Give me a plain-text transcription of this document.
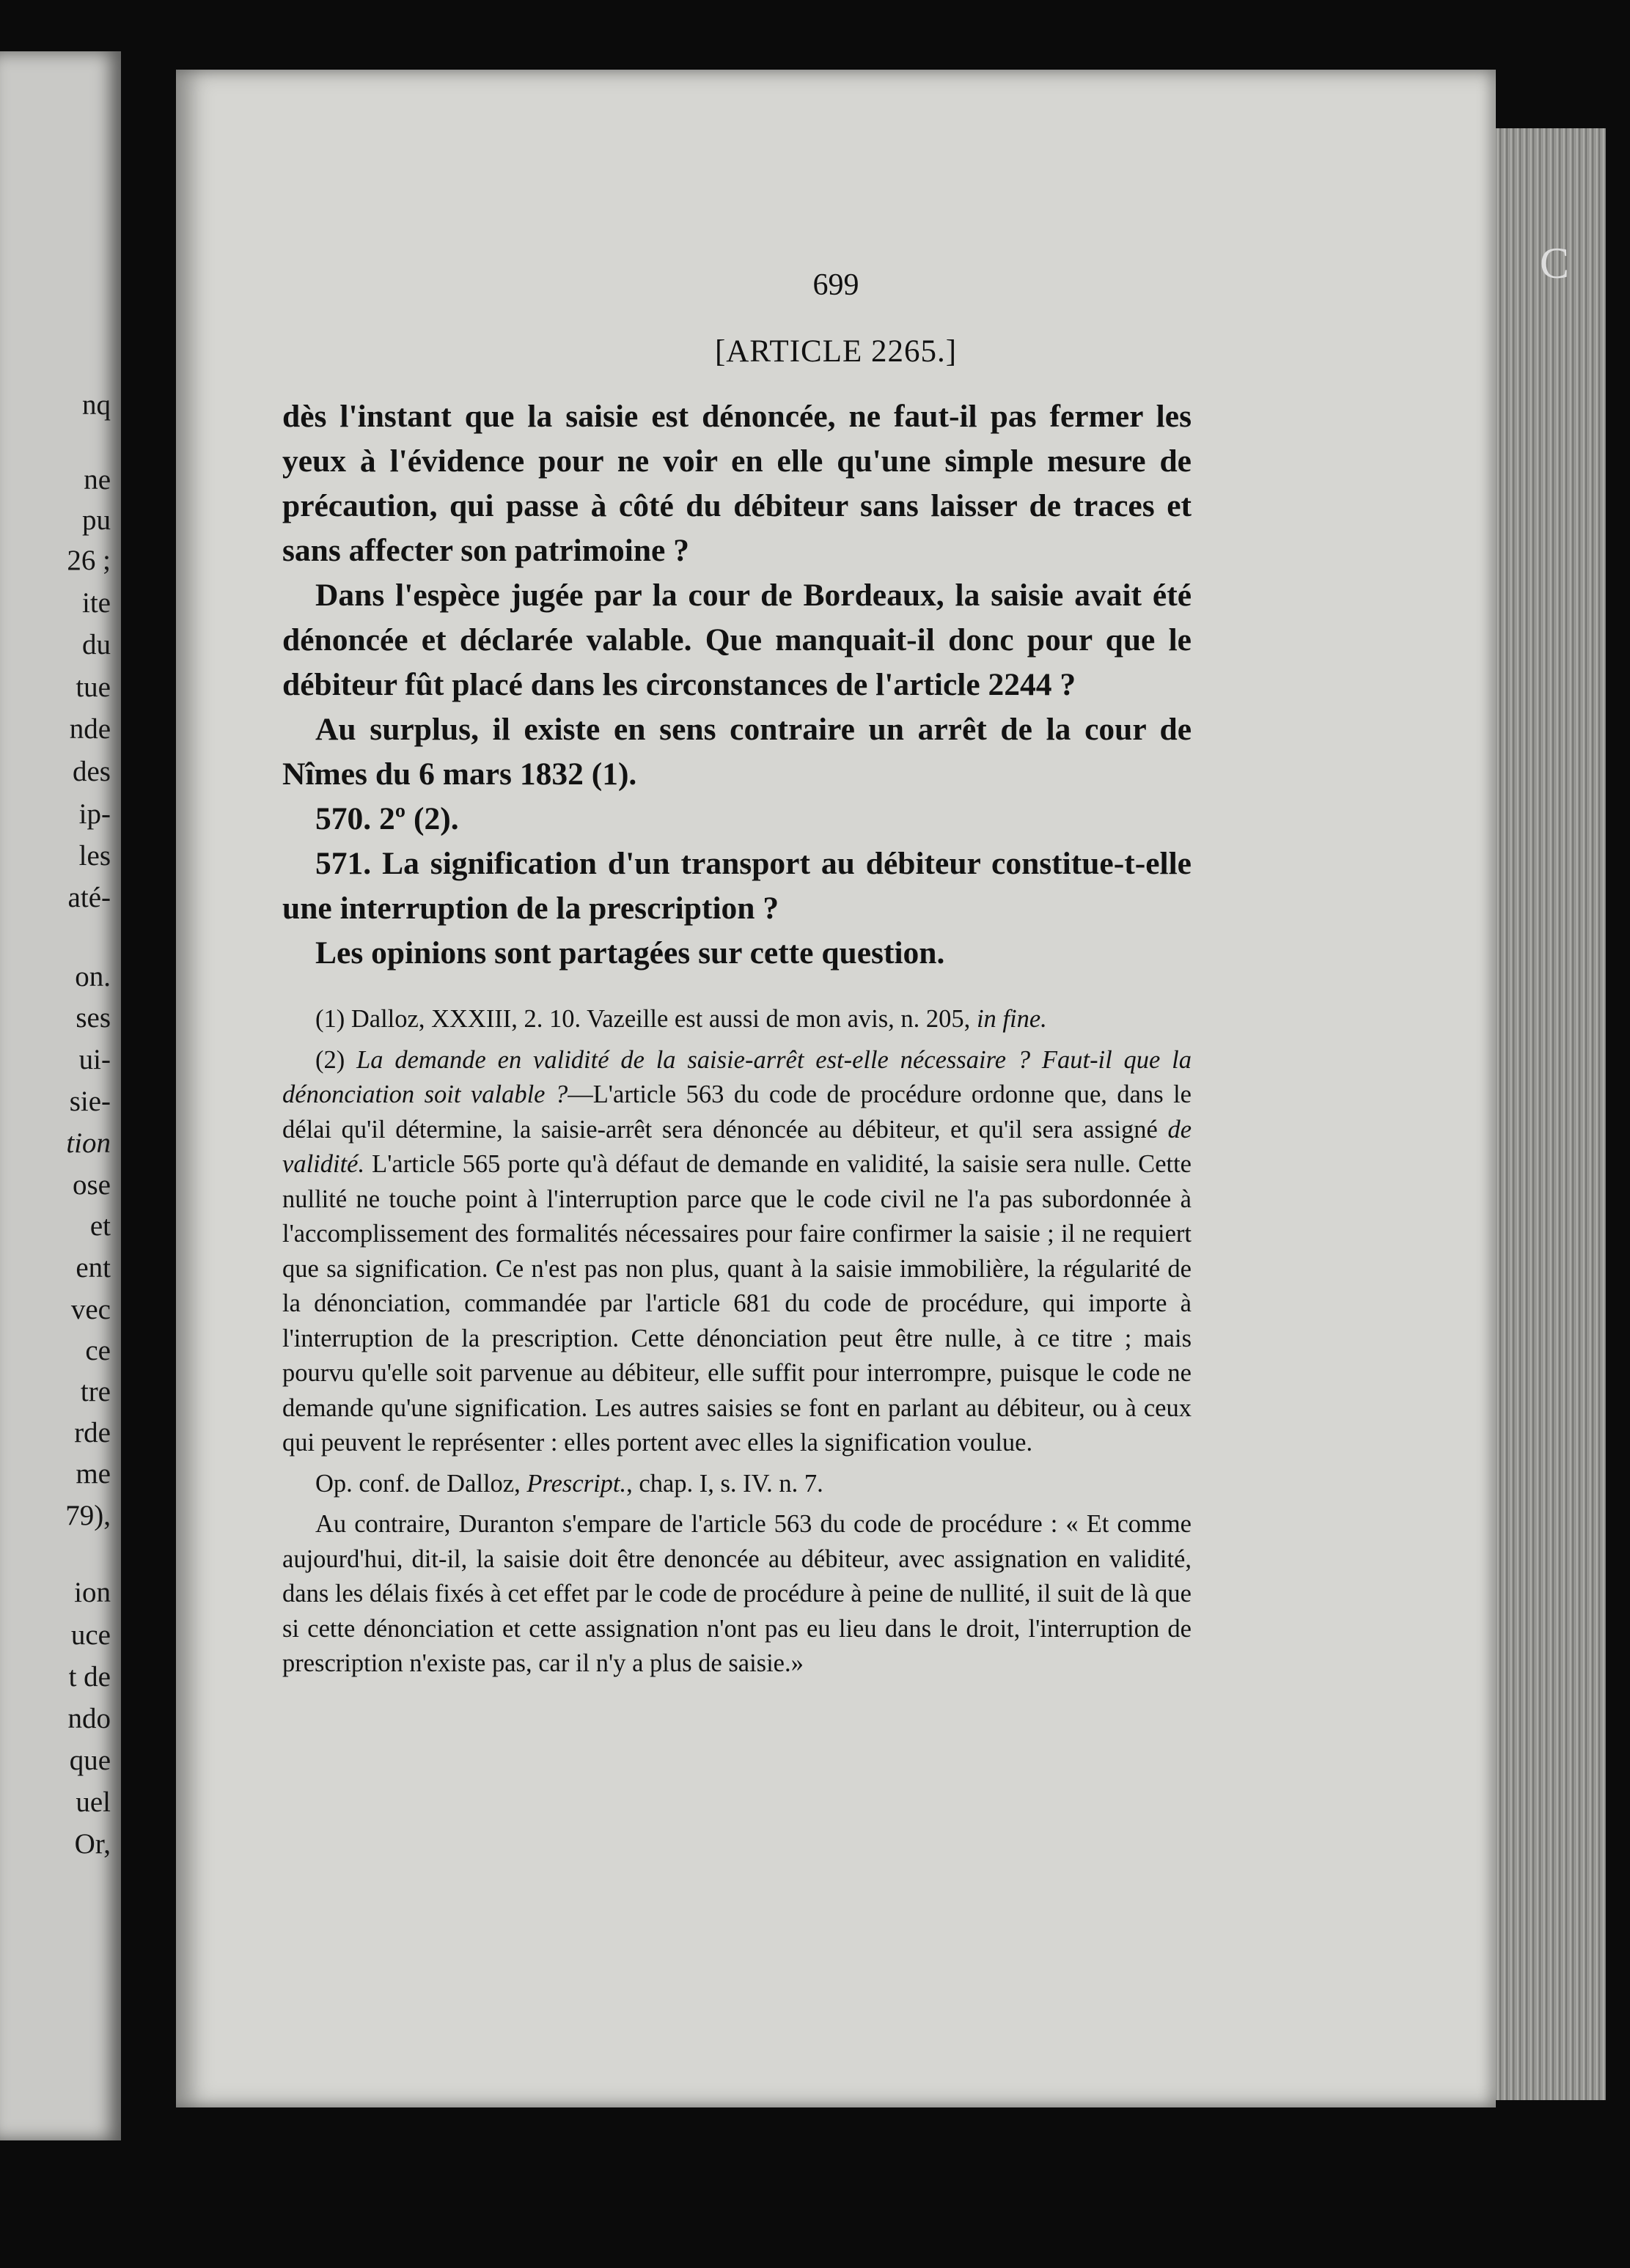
nq
ne
pu
26 ;
ite
du
tue
nde
des
ip-
les
até-
on.
ses
ui-
sie-
tion
ose
et
ent
vec
ce
tre
rde
me
79),
ion
uce
t de
ndo
que
uel
Or,
C
699
[ARTICLE 2265.]

dès l'instant que la saisie est dénoncée, ne faut-il pas fermer les yeux à l'évidence pour ne voir en elle qu'une simple mesure de précaution, qui passe à côté du débiteur sans laisser de traces et sans affecter son patrimoine ?

Dans l'espèce jugée par la cour de Bordeaux, la saisie avait été dénoncée et déclarée valable. Que manquait-il donc pour que le débiteur fût placé dans les circonstances de l'article 2244 ?

Au surplus, il existe en sens contraire un arrêt de la cour de Nîmes du 6 mars 1832 (1).

570. 2º (2).

571. La signification d'un transport au débiteur constitue-t-elle une interruption de la prescription ?

Les opinions sont partagées sur cette question.

(1) Dalloz, XXXIII, 2. 10. Vazeille est aussi de mon avis, n. 205, in fine.

(2) La demande en validité de la saisie-arrêt est-elle nécessaire ? Faut-il que la dénonciation soit valable ?—L'article 563 du code de procédure ordonne que, dans le délai qu'il détermine, la saisie-arrêt sera dénoncée au débiteur, et qu'il sera assigné de validité. L'article 565 porte qu'à défaut de demande en validité, la saisie sera nulle. Cette nullité ne touche point à l'interruption parce que le code civil ne l'a pas subordonnée à l'accomplissement des formalités nécessaires pour faire confirmer la saisie ; il ne requiert que sa signification. Ce n'est pas non plus, quant à la saisie immobilière, la régularité de la dénonciation, commandée par l'article 681 du code de procédure, qui importe à l'interruption de la prescription. Cette dénonciation peut être nulle, à ce titre ; mais pourvu qu'elle soit parvenue au débiteur, elle suffit pour interrompre, puisque le code ne demande qu'une signification. Les autres saisies se font en parlant au débiteur, ou à ceux qui peuvent le représenter : elles portent avec elles la signification voulue.

Op. conf. de Dalloz, Prescript., chap. I, s. IV. n. 7.

Au contraire, Duranton s'empare de l'article 563 du code de procédure : « Et comme aujourd'hui, dit-il, la saisie doit être denoncée au débiteur, avec assignation en validité, dans les délais fixés à cet effet par le code de procédure à peine de nullité, il suit de là que si cette dénonciation et cette assignation n'ont pas eu lieu dans le droit, l'interruption de prescription n'existe pas, car il n'y a plus de saisie.»
